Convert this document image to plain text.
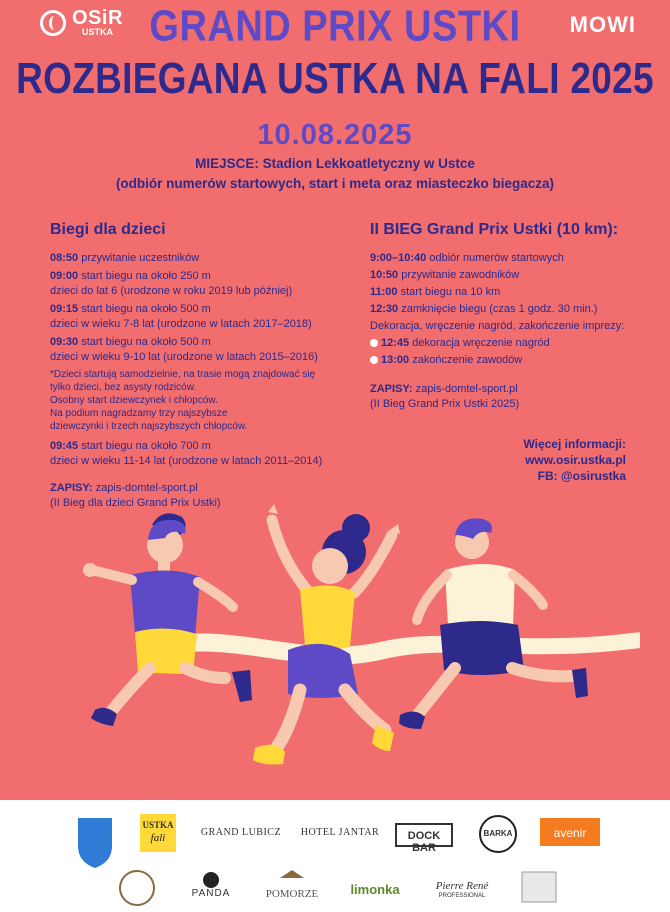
OSiR
USTKA	MOWI
GRAND PRIX USTKI
ROZBIEGANA USTKA NA FALI 2025
10.08.2025
MIEJSCE: Stadion Lekkoatletyczny w Ustce
(odbiór numerów startowych, start i meta oraz miasteczko biegacza)
Biegi dla dzieci
08:50 przywitanie uczestników
09:00 start biegu na około 250 m
dzieci do lat 6 (urodzone w roku 2019 lub później)
09:15 start biegu na około 500 m
dzieci w wieku 7-8 lat (urodzone w latach 2017–2018)
09:30 start biegu na około 500 m
dzieci w wieku 9-10 lat (urodzone w latach 2015–2016)
*Dzieci startują samodzielnie, na trasie mogą znajdować się
tylko dzieci, bez asysty rodziców.
Osobny start dziewczynek i chłopców.
Na podium nagradzamy trzy najszybsze
dziewczynki i trzech najszybszych chłopców.
09:45 start biegu na około 700 m
dzieci w wieku 11-14 lat (urodzone w latach 2011–2014)
ZAPISY: zapis-domtel-sport.pl
(II Bieg dla dzieci Grand Prix Ustki)
II BIEG Grand Prix Ustki (10 km):
9:00–10:40 odbiór numerów startowych
10:50 przywitanie zawodników
11:00 start biegu na 10 km
12:30 zamknięcie biegu (czas 1 godz. 30 min.)
Dekoracja, wręczenie nagród, zakończenie imprezy:
12:45 dekoracja wręczenie nagród
13:00 zakończenie zawodów
ZAPISY: zapis-domtel-sport.pl
(II Bieg Grand Prix Ustki 2025)
Więcej informacji:
www.osir.ustka.pl
FB: @osirustka
USTKA
fali	GRAND LUBICZ	HOTEL JANTAR	DOCK BAR
BARKA	avenir
PANDA	POMORZE	limonka	Pierre René
PROFESSIONAL
